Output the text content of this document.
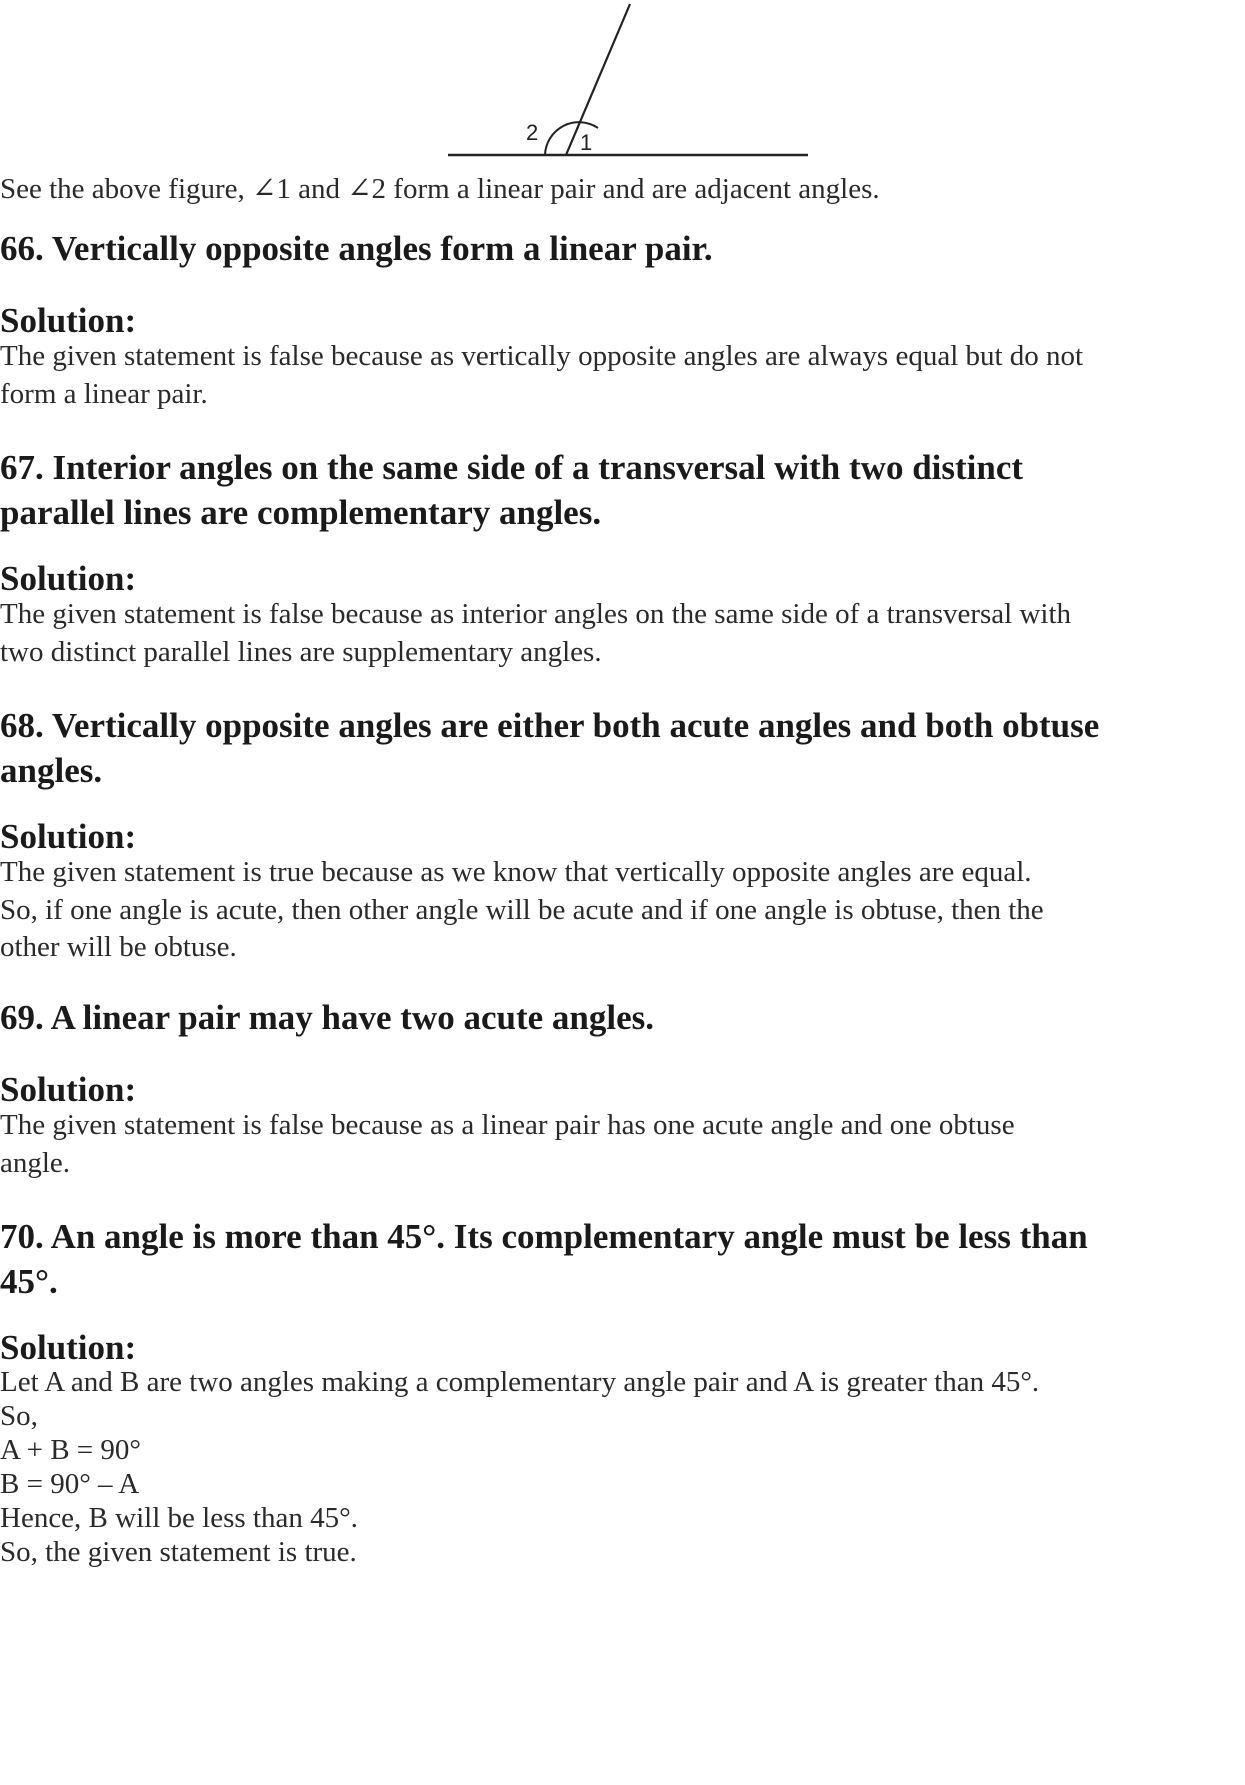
2 1
See the above figure, ∠1 and ∠2 form a linear pair and are adjacent angles.
66. Vertically opposite angles form a linear pair.
Solution:
The given statement is false because as vertically opposite angles are always equal but do not
form a linear pair.
67. Interior angles on the same side of a transversal with two distinct
parallel lines are complementary angles.
Solution:
The given statement is false because as interior angles on the same side of a transversal with
two distinct parallel lines are supplementary angles.
68. Vertically opposite angles are either both acute angles and both obtuse
angles.
Solution:
The given statement is true because as we know that vertically opposite angles are equal.
So, if one angle is acute, then other angle will be acute and if one angle is obtuse, then the
other will be obtuse.
69. A linear pair may have two acute angles.
Solution:
The given statement is false because as a linear pair has one acute angle and one obtuse
angle.
70. An angle is more than 45°. Its complementary angle must be less than
45°.
Solution:
Let A and B are two angles making a complementary angle pair and A is greater than 45°.
So,
A + B = 90°
B = 90° – A
Hence, B will be less than 45°.
So, the given statement is true.
